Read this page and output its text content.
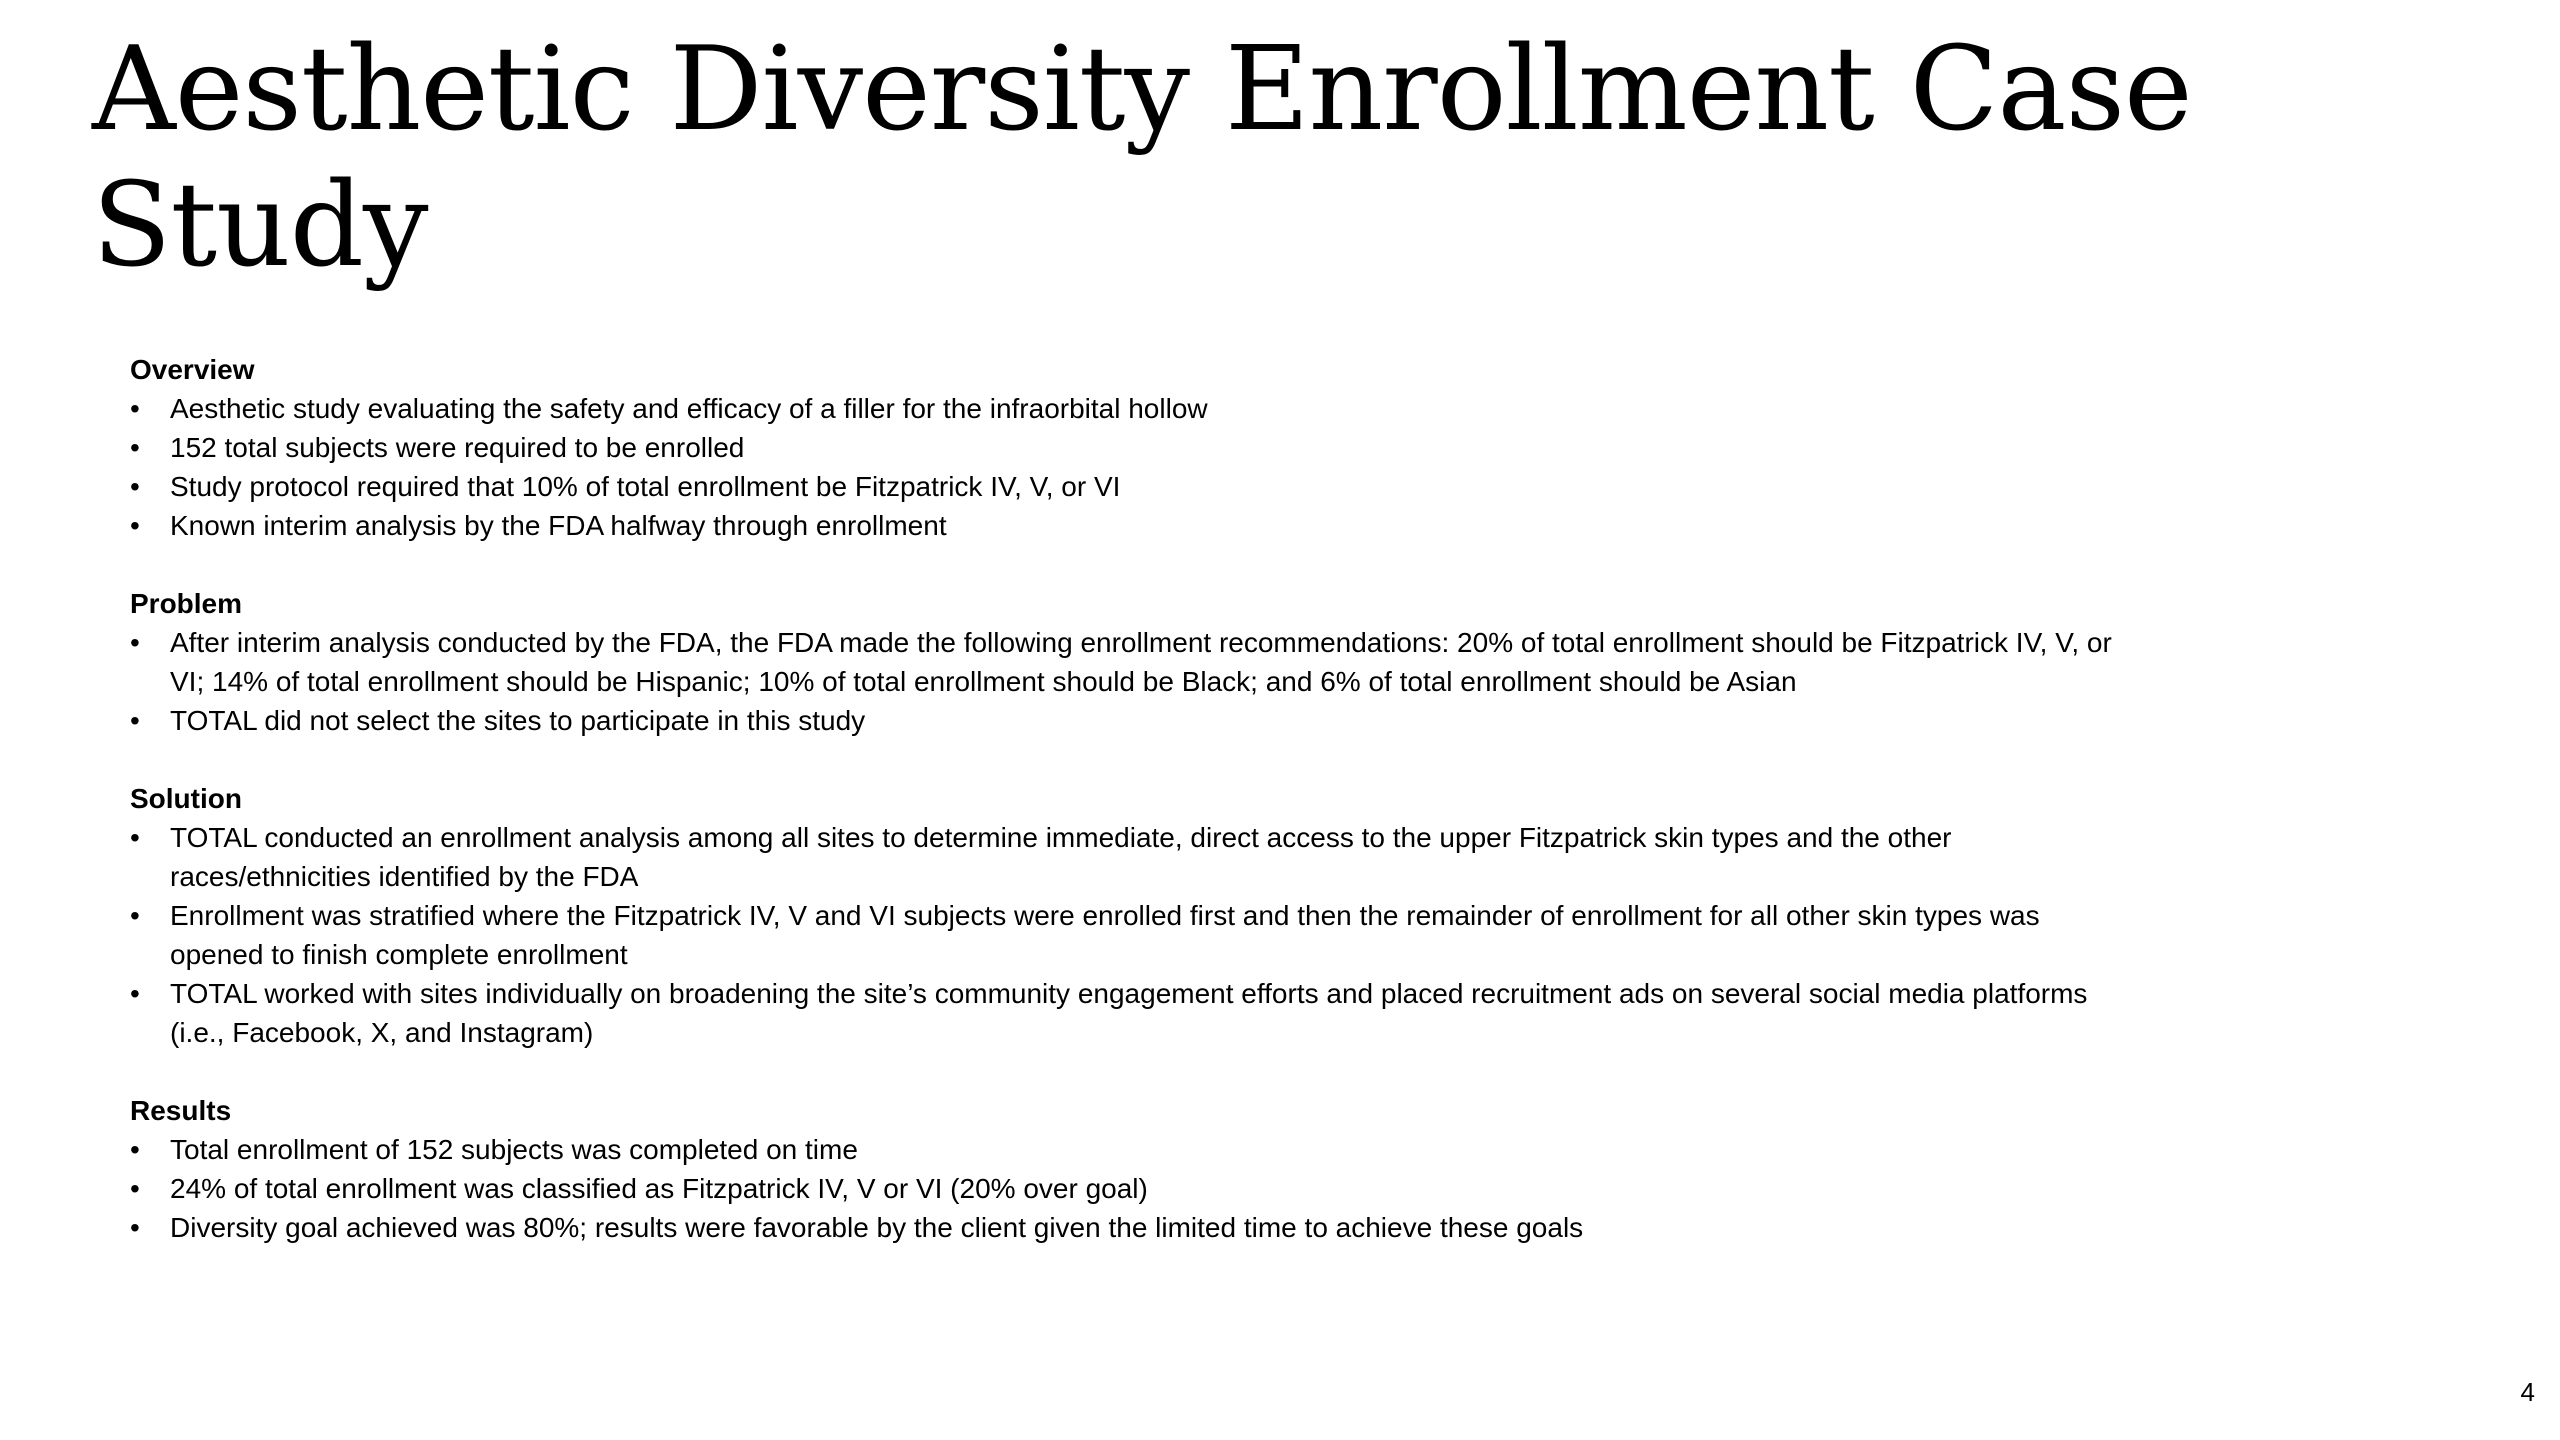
Aesthetic Diversity Enrollment Case Study

Overview

•	Aesthetic study evaluating the safety and efficacy of a filler for the infraorbital hollow
•	152 total subjects were required to be enrolled
•	Study protocol required that 10% of total enrollment be Fitzpatrick IV, V, or VI
•	Known interim analysis by the FDA halfway through enrollment

Problem

•	After interim analysis conducted by the FDA, the FDA made the following enrollment recommendations: 20% of total enrollment should be Fitzpatrick IV, V, or VI; 14% of total enrollment should be Hispanic; 10% of total enrollment should be Black; and 6% of total enrollment should be Asian
•	TOTAL did not select the sites to participate in this study

Solution

•	TOTAL conducted an enrollment analysis among all sites to determine immediate, direct access to the upper Fitzpatrick skin types and the other races/ethnicities identified by the FDA
•	Enrollment was stratified where the Fitzpatrick IV, V and VI subjects were enrolled first and then the remainder of enrollment for all other skin types was opened to finish complete enrollment
•	TOTAL worked with sites individually on broadening the site’s community engagement efforts and placed recruitment ads on several social media platforms (i.e., Facebook, X, and Instagram)

Results

•	Total enrollment of 152 subjects was completed on time
•	24% of total enrollment was classified as Fitzpatrick IV, V or VI (20% over goal)
•	Diversity goal achieved was 80%; results were favorable by the client given the limited time to achieve these goals
4
